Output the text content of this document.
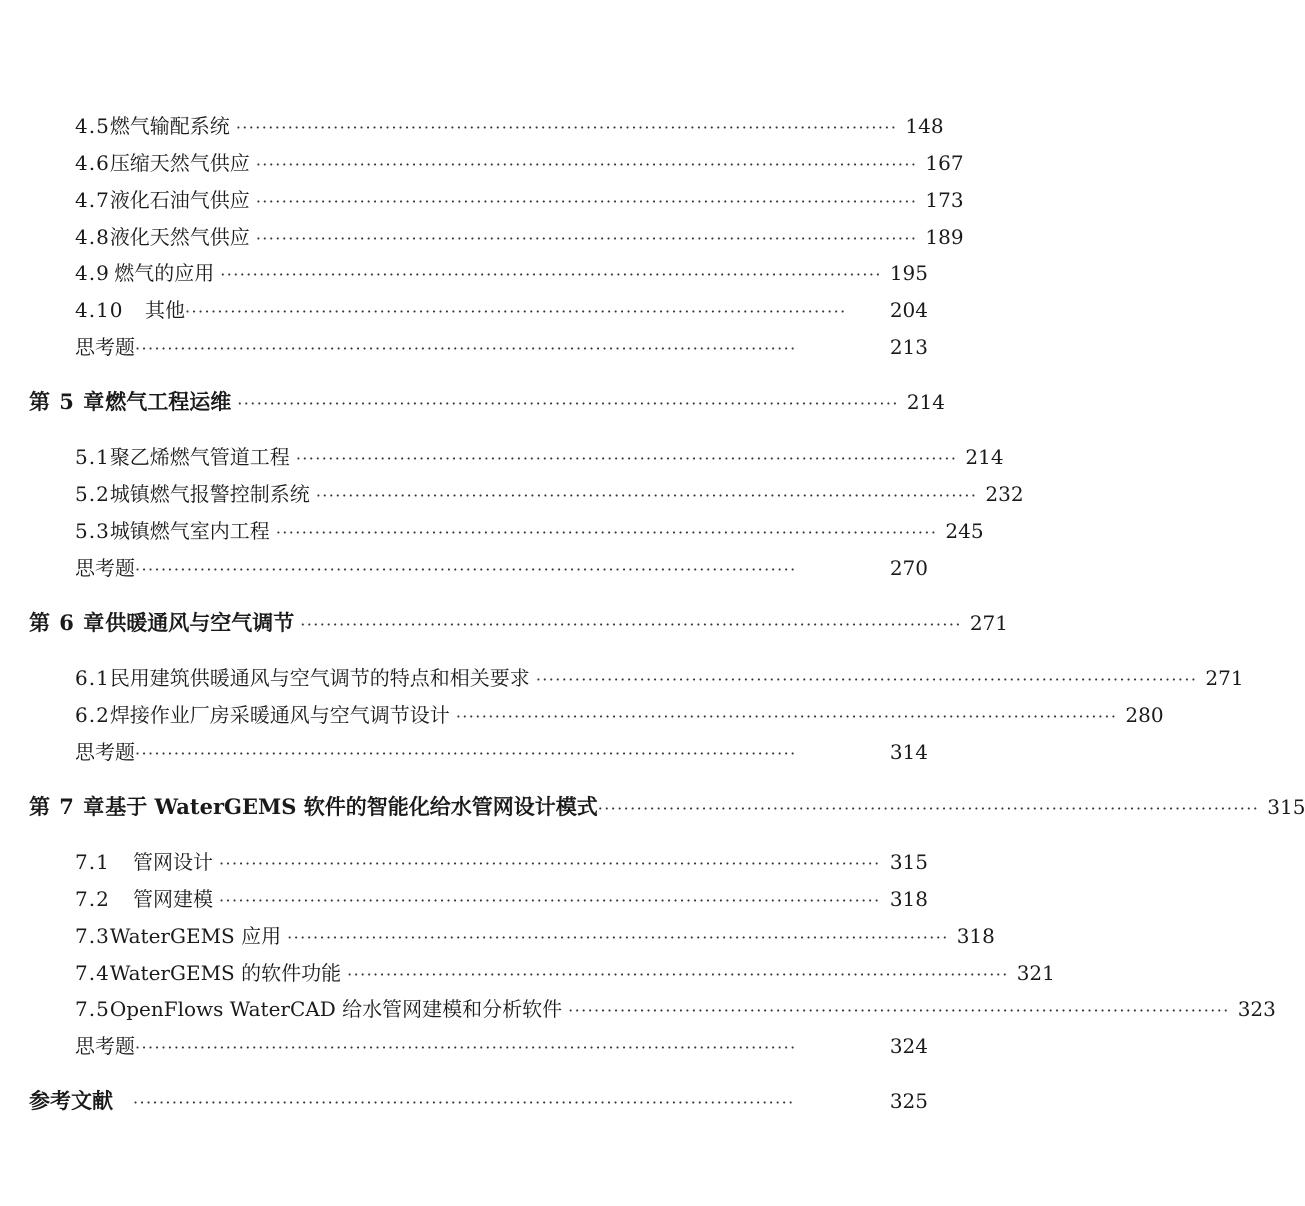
4.5 燃气输配系统 ······································································································ 148
4.6 压缩天然气供应 ······································································································ 167
4.7 液化石油气供应 ······································································································ 173
4.8 液化天然气供应 ······································································································ 189
4.9 燃气的应用 ······································································································ 195
4.10	其他 ······································································································	204
思考题 ······································································································	213
第 5 章 燃气工程运维 ······································································································ 214
5.1 聚乙烯燃气管道工程 ······································································································ 214
5.2 城镇燃气报警控制系统 ······································································································ 232
5.3 城镇燃气室内工程 ······································································································ 245
思考题 ······································································································	270
第 6 章 供暖通风与空气调节 ······································································································ 271
6.1 民用建筑供暖通风与空气调节的特点和相关要求 ······································································································ 271
6.2 焊接作业厂房采暖通风与空气调节设计 ······································································································ 280
思考题 ······································································································	314
第 7 章 基于 WaterGEMS 软件的智能化给水管网设计模式 ······································································································ 315
7.1	管网设计 ······································································································ 315
7.2	管网建模 ······································································································ 318
7.3 WaterGEMS 应用 ······································································································ 318
7.4 WaterGEMS 的软件功能 ······································································································ 321
7.5 OpenFlows WaterCAD 给水管网建模和分析软件 ······································································································ 323
思考题 ······································································································	324
参考文献 ······································································································	325
